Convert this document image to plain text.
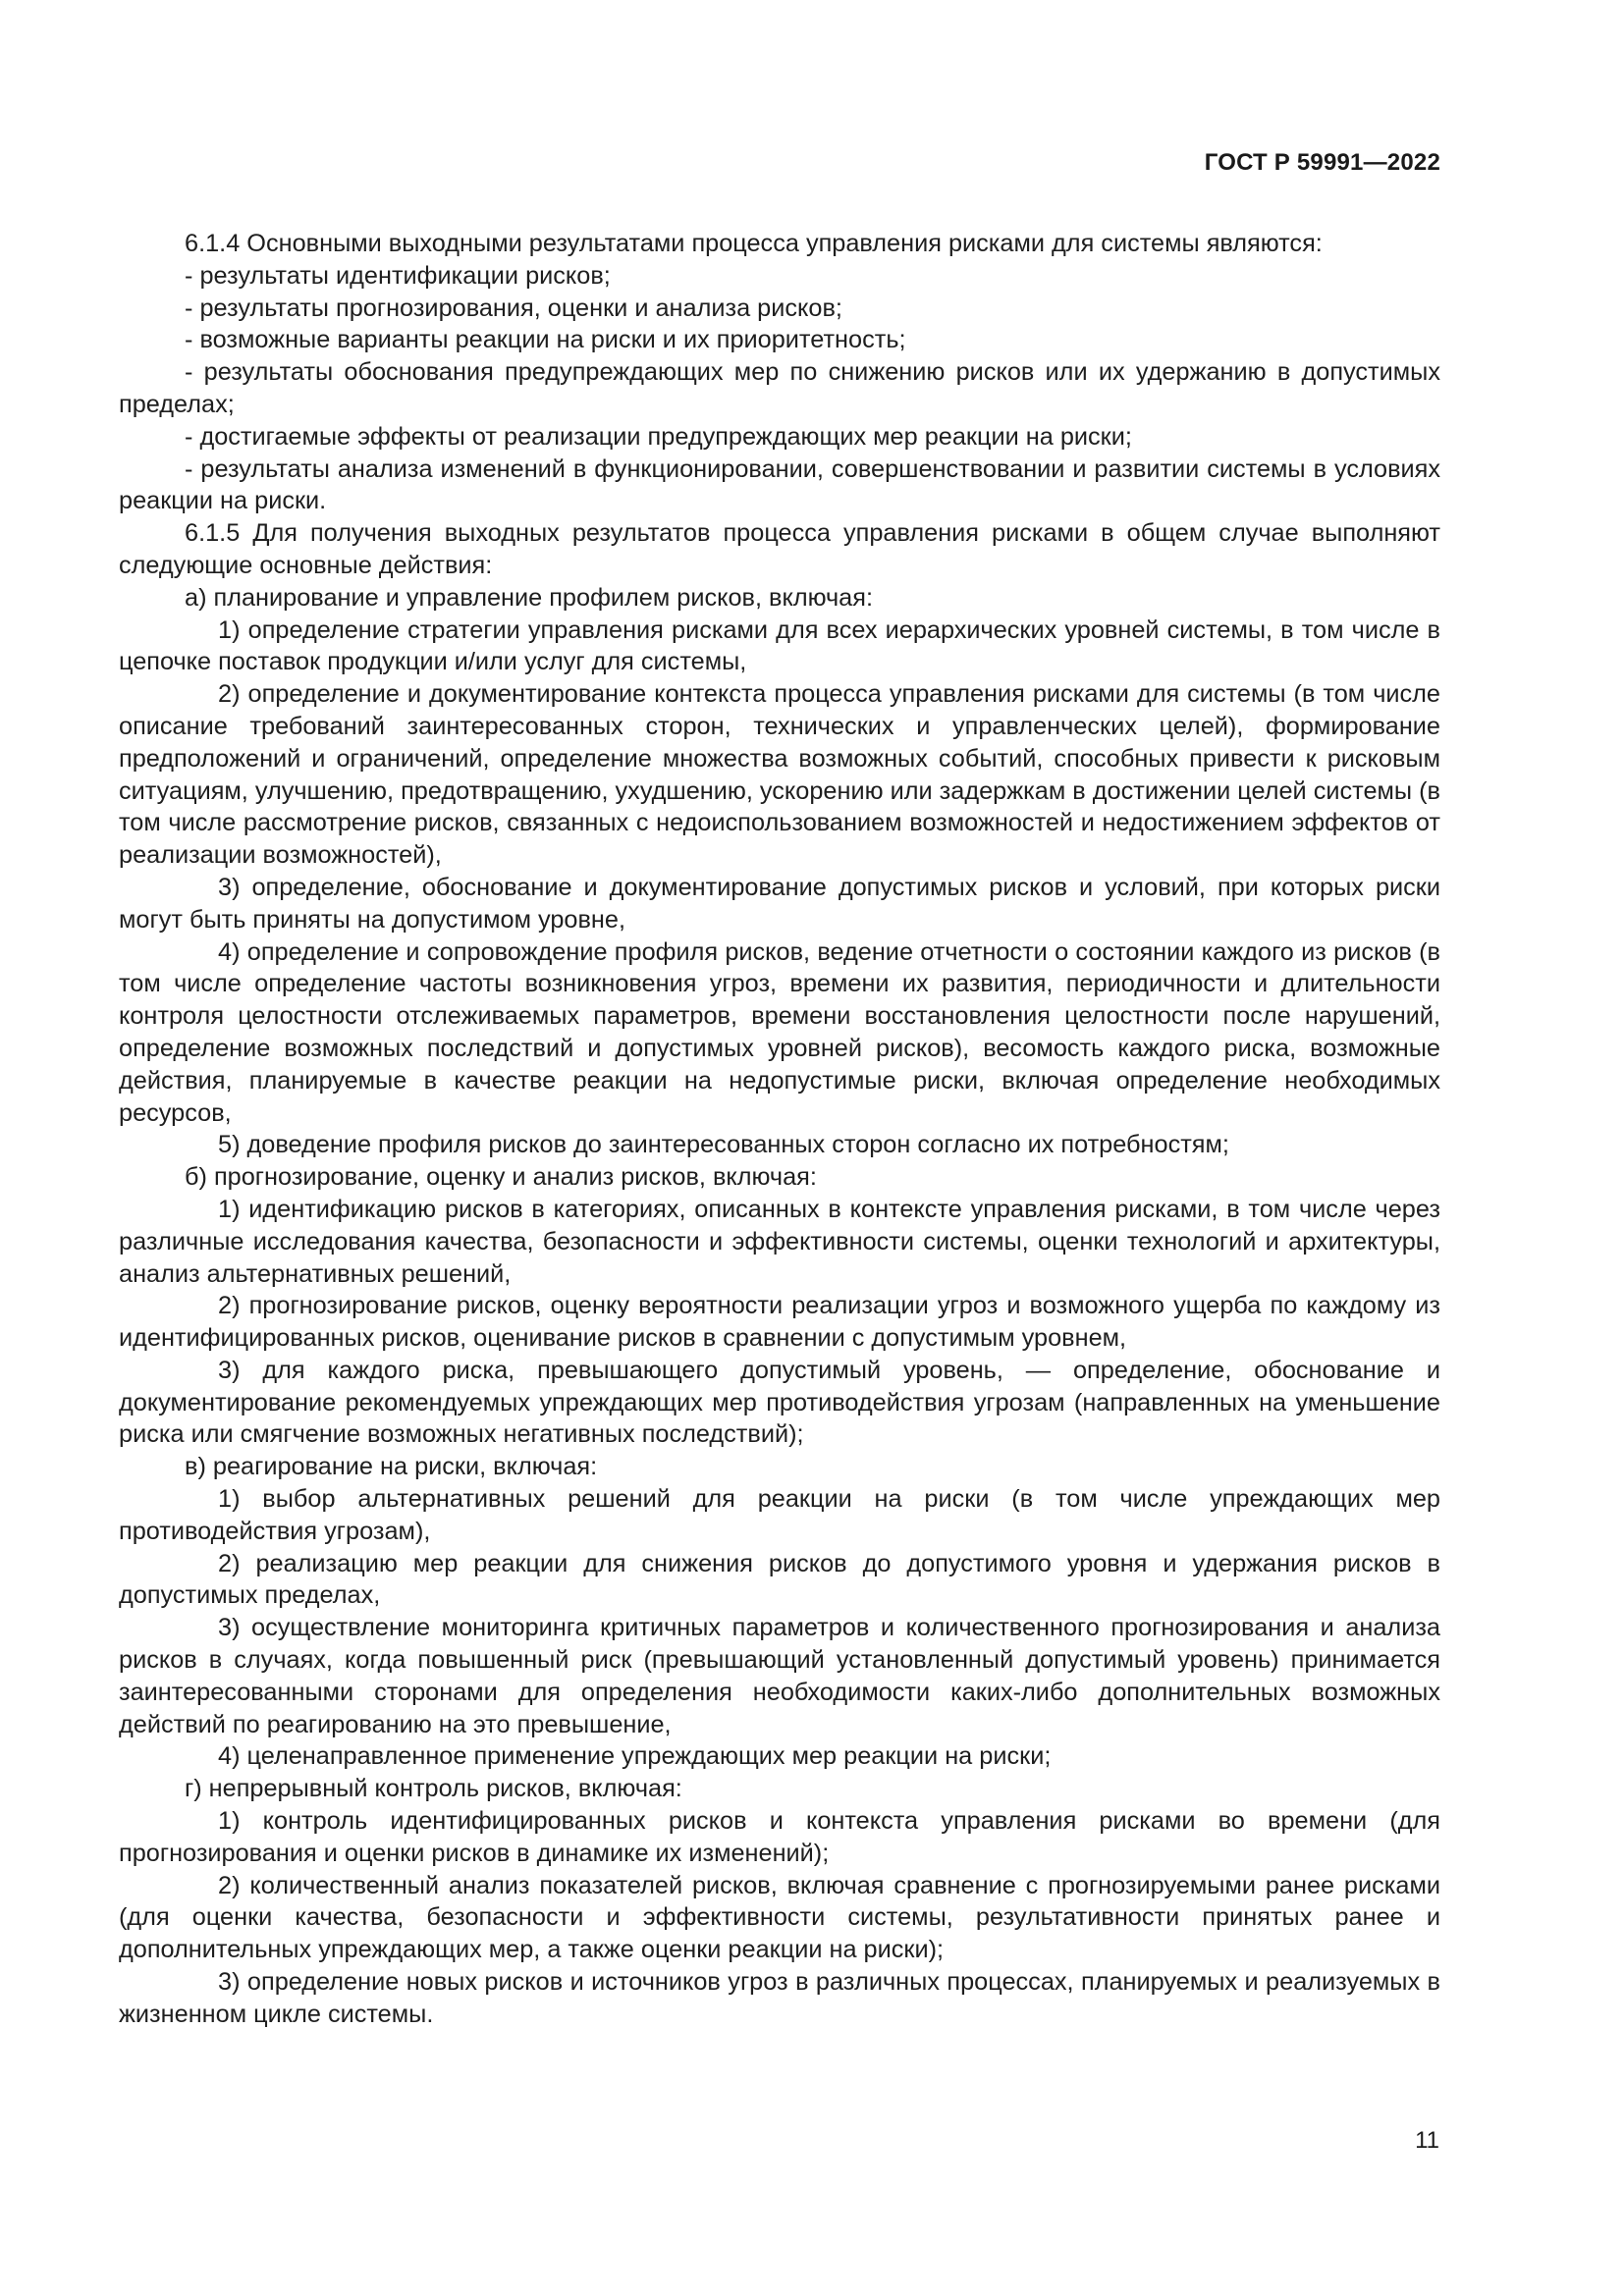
ГОСТ Р 59991—2022

6.1.4 Основными выходными результатами процесса управления рисками для системы являются:

- результаты идентификации рисков;

- результаты прогнозирования, оценки и анализа рисков;

- возможные варианты реакции на риски и их приоритетность;

- результаты обоснования предупреждающих мер по снижению рисков или их удержанию в допустимых пределах;

- достигаемые эффекты от реализации предупреждающих мер реакции на риски;

- результаты анализа изменений в функционировании, совершенствовании и развитии системы в условиях реакции на риски.

6.1.5 Для получения выходных результатов процесса управления рисками в общем случае выполняют следующие основные действия:

а) планирование и управление профилем рисков, включая:

1) определение стратегии управления рисками для всех иерархических уровней системы, в том числе в цепочке поставок продукции и/или услуг для системы,

2) определение и документирование контекста процесса управления рисками для системы (в том числе описание требований заинтересованных сторон, технических и управленческих целей), формирование предположений и ограничений, определение множества возможных событий, способных привести к рисковым ситуациям, улучшению, предотвращению, ухудшению, ускорению или задержкам в достижении целей системы (в том числе рассмотрение рисков, связанных с недоиспользованием возможностей и недостижением эффектов от реализации возможностей),

3) определение, обоснование и документирование допустимых рисков и условий, при которых риски могут быть приняты на допустимом уровне,

4) определение и сопровождение профиля рисков, ведение отчетности о состоянии каждого из рисков (в том числе определение частоты возникновения угроз, времени их развития, периодичности и длительности контроля целостности отслеживаемых параметров, времени восстановления целостности после нарушений, определение возможных последствий и допустимых уровней рисков), весомость каждого риска, возможные действия, планируемые в качестве реакции на недопустимые риски, включая определение необходимых ресурсов,

5) доведение профиля рисков до заинтересованных сторон согласно их потребностям;

б) прогнозирование, оценку и анализ рисков, включая:

1) идентификацию рисков в категориях, описанных в контексте управления рисками, в том числе через различные исследования качества, безопасности и эффективности системы, оценки технологий и архитектуры, анализ альтернативных решений,

2) прогнозирование рисков, оценку вероятности реализации угроз и возможного ущерба по каждому из идентифицированных рисков, оценивание рисков в сравнении с допустимым уровнем,

3) для каждого риска, превышающего допустимый уровень, — определение, обоснование и документирование рекомендуемых упреждающих мер противодействия угрозам (направленных на уменьшение риска или смягчение возможных негативных последствий);

в) реагирование на риски, включая:

1) выбор альтернативных решений для реакции на риски (в том числе упреждающих мер противодействия угрозам),

2) реализацию мер реакции для снижения рисков до допустимого уровня и удержания рисков в допустимых пределах,

3) осуществление мониторинга критичных параметров и количественного прогнозирования и анализа рисков в случаях, когда повышенный риск (превышающий установленный допустимый уровень) принимается заинтересованными сторонами для определения необходимости каких-либо дополнительных возможных действий по реагированию на это превышение,

4) целенаправленное применение упреждающих мер реакции на риски;

г) непрерывный контроль рисков, включая:

1) контроль идентифицированных рисков и контекста управления рисками во времени (для прогнозирования и оценки рисков в динамике их изменений);

2) количественный анализ показателей рисков, включая сравнение с прогнозируемыми ранее рисками (для оценки качества, безопасности и эффективности системы, результативности принятых ранее и дополнительных упреждающих мер, а также оценки реакции на риски);

3) определение новых рисков и источников угроз в различных процессах, планируемых и реализуемых в жизненном цикле системы.

11
